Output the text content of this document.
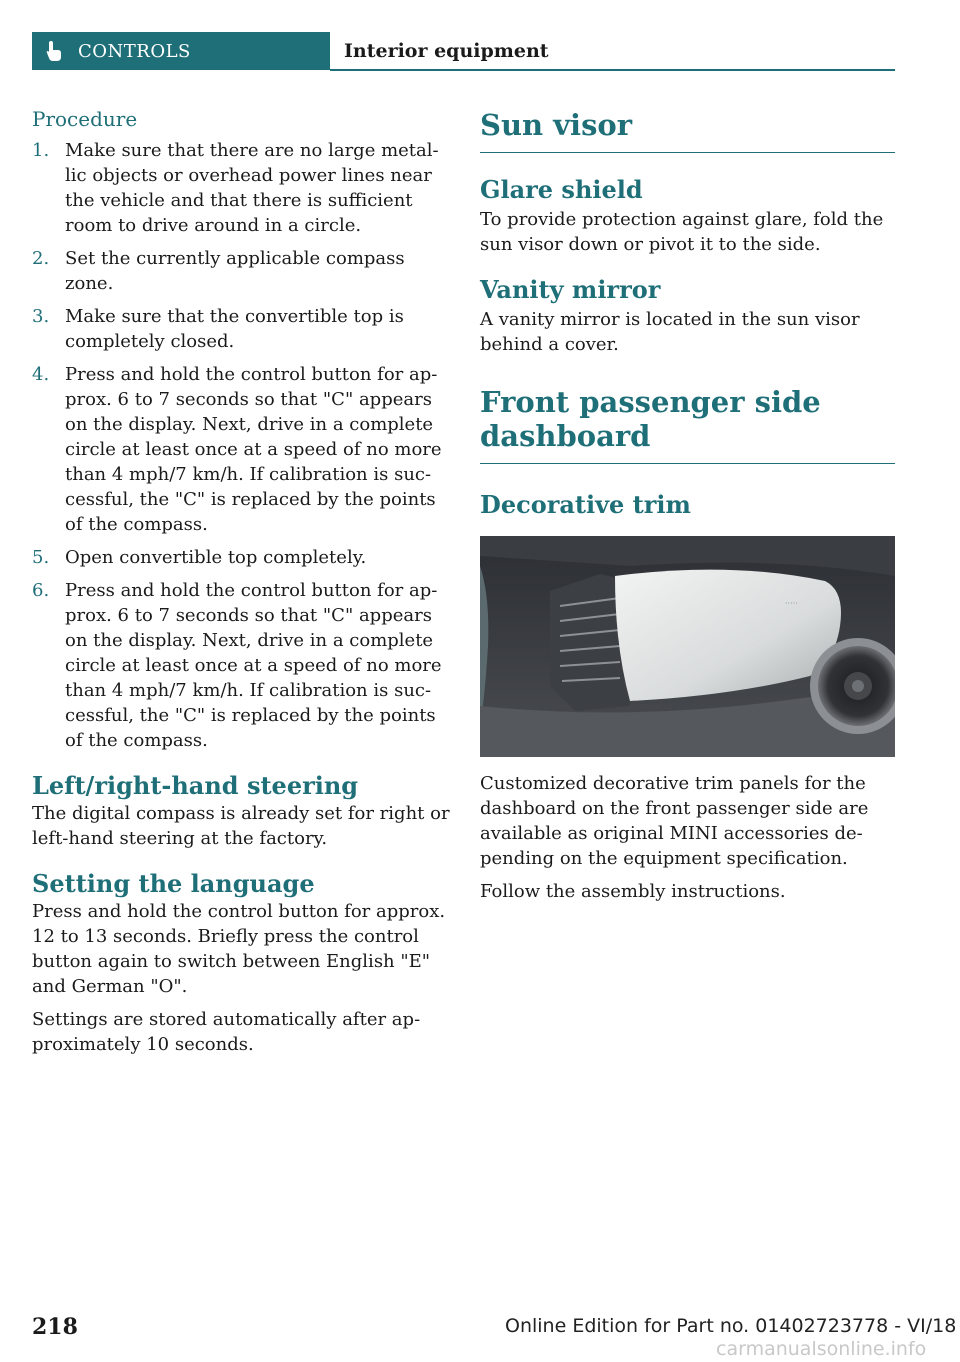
CONTROLS	Interior equipment
Procedure
1. Make sure that there are no large metallic objects or overhead power lines near the vehicle and that there is sufficient room to drive around in a circle.
2. Set the currently applicable compass zone.
3. Make sure that the convertible top is completely closed.
4. Press and hold the control button for approx. 6 to 7 seconds so that "C" appears on the display. Next, drive in a complete circle at least once at a speed of no more than 4 mph/7 km/h. If calibration is successful, the "C" is replaced by the points of the compass.
5. Open convertible top completely.
6. Press and hold the control button for approx. 6 to 7 seconds so that "C" appears on the display. Next, drive in a complete circle at least once at a speed of no more than 4 mph/7 km/h. If calibration is successful, the "C" is replaced by the points of the compass.
Left/right-hand steering

The digital compass is already set for right or left-hand steering at the factory.

Setting the language

Press and hold the control button for approx. 12 to 13 seconds. Briefly press the control button again to switch between English "E" and German "O".

Settings are stored automatically after approximately 10 seconds.

Sun visor
Glare shield

To provide protection against glare, fold the sun visor down or pivot it to the side.

Vanity mirror

A vanity mirror is located in the sun visor behind a cover.

Front passenger side dashboard
Decorative trim
·····

Customized decorative trim panels for the dashboard on the front passenger side are available as original MINI accessories depending on the equipment specification.

Follow the assembly instructions.

218	Online Edition for Part no. 01402723778 - VI/18
carmanualsonline.info
